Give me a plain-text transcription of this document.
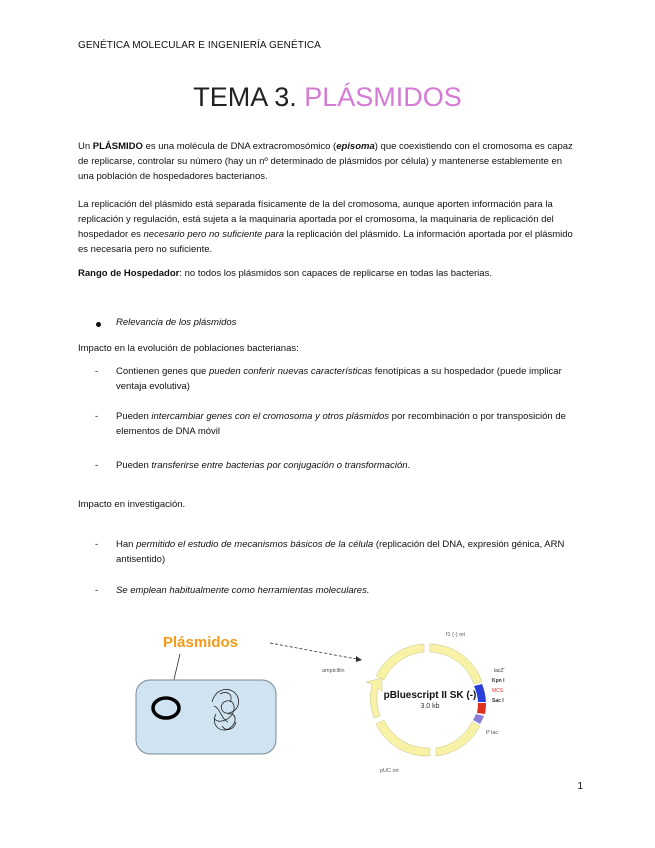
GENÉTICA MOLECULAR E INGENIERÍA GENÉTICA
TEMA 3. PLÁSMIDOS
Un PLÁSMIDO es una molécula de DNA extracromosómico (episoma) que coexistiendo con el cromosoma es capaz de replicarse, controlar su número (hay un nº determinado de plásmidos por célula) y mantenerse establemente en una población de hospedadores bacterianos.
La replicación del plásmido está separada físicamente de la del cromosoma, aunque aporten información para la replicación y regulación, está sujeta a la maquinaria aportada por el cromosoma, la maquinaria de replicación del hospedador es necesario pero no suficiente para la replicación del plásmido. La información aportada por el plásmido es necesaria pero no suficiente.
Rango de Hospedador: no todos los plásmidos son capaces de replicarse en todas las bacterias.
Relevancia de los plásmidos
Impacto en la evolución de poblaciones bacterianas:
- Contienen genes que pueden conferir nuevas características fenotípicas a su hospedador (puede implicar ventaja evolutiva)
- Pueden intercambiar genes con el cromosoma y otros plásmidos por recombinación o por transposición de elementos de DNA móvil
- Pueden transferirse entre bacterias por conjugación o transformación.
Impacto en investigación.
- Han permitido el estudio de mecanismos básicos de la célula (replicación del DNA, expresión génica, ARN antisentido)
- Se emplean habitualmente como herramientas moleculares.
Plásmidos	f1 (-) ori
ampicillin
pUC ori
lacZ'
Kpn I
MCS
Sac I
P lac
pBluescript II SK (-)
3.0 kb
1
